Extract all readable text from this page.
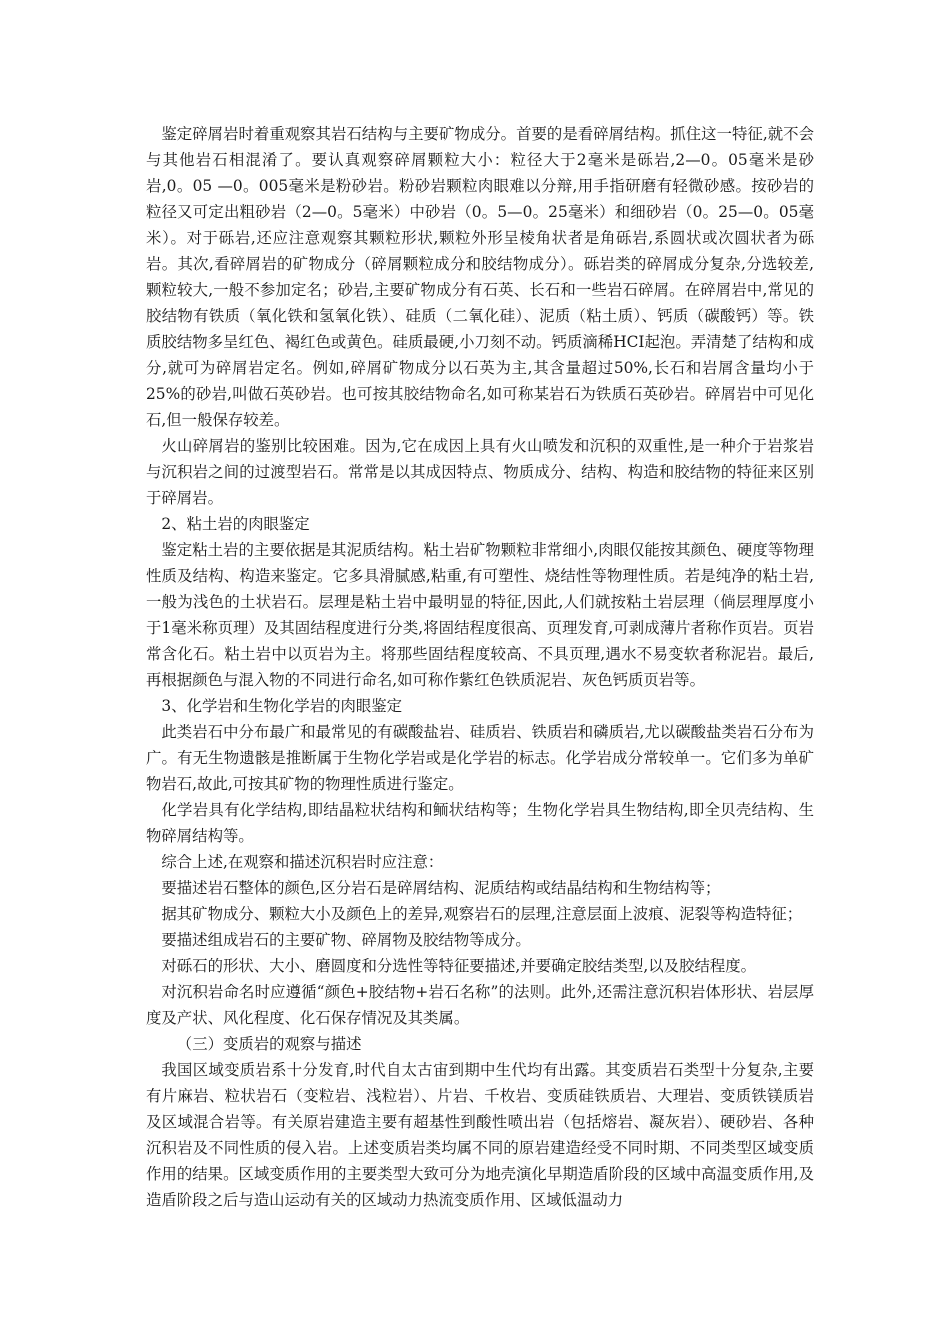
鉴定碎屑岩时着重观察其岩石结构与主要矿物成分。首要的是看碎屑结构。抓住这一特征,就不会与其他岩石相混淆了。要认真观察碎屑颗粒大小：粒径大于2毫米是砾岩,2—0。05毫米是砂岩,0。05 —0。005毫米是粉砂岩。粉砂岩颗粒肉眼难以分辩,用手指研磨有轻微砂感。按砂岩的粒径又可定出粗砂岩（2—0。5毫米）中砂岩（0。5—0。25毫米）和细砂岩（0。25—0。05毫米）。对于砾岩,还应注意观察其颗粒形状,颗粒外形呈棱角状者是角砾岩,系圆状或次圆状者为砾岩。其次,看碎屑岩的矿物成分（碎屑颗粒成分和胶结物成分）。砾岩类的碎屑成分复杂,分选较差,颗粒较大,一般不参加定名；砂岩,主要矿物成分有石英、长石和一些岩石碎屑。在碎屑岩中,常见的胶结物有铁质（氧化铁和氢氧化铁）、硅质（二氧化硅）、泥质（粘土质）、钙质（碳酸钙）等。铁质胶结物多呈红色、褐红色或黄色。硅质最硬,小刀刻不动。钙质滴稀HCI起泡。弄清楚了结构和成分,就可为碎屑岩定名。例如,碎屑矿物成分以石英为主,其含量超过50%,长石和岩屑含量均小于25%的砂岩,叫做石英砂岩。也可按其胶结物命名,如可称某岩石为铁质石英砂岩。碎屑岩中可见化石,但一般保存较差。

火山碎屑岩的鉴别比较困难。因为,它在成因上具有火山喷发和沉积的双重性,是一种介于岩浆岩与沉积岩之间的过渡型岩石。常常是以其成因特点、物质成分、结构、构造和胶结物的特征来区别于碎屑岩。

2、粘土岩的肉眼鉴定

鉴定粘土岩的主要依据是其泥质结构。粘土岩矿物颗粒非常细小,肉眼仅能按其颜色、硬度等物理性质及结构、构造来鉴定。它多具滑腻感,粘重,有可塑性、烧结性等物理性质。若是纯净的粘土岩,一般为浅色的土状岩石。层理是粘土岩中最明显的特征,因此,人们就按粘土岩层理（倘层理厚度小于1毫米称页理）及其固结程度进行分类,将固结程度很高、页理发育,可剥成薄片者称作页岩。页岩常含化石。粘土岩中以页岩为主。将那些固结程度较高、不具页理,遇水不易变软者称泥岩。最后,再根据颜色与混入物的不同进行命名,如可称作紫红色铁质泥岩、灰色钙质页岩等。

3、化学岩和生物化学岩的肉眼鉴定

此类岩石中分布最广和最常见的有碳酸盐岩、硅质岩、铁质岩和磷质岩,尤以碳酸盐类岩石分布为广。有无生物遗骸是推断属于生物化学岩或是化学岩的标志。化学岩成分常较单一。它们多为单矿物岩石,故此,可按其矿物的物理性质进行鉴定。

化学岩具有化学结构,即结晶粒状结构和鲕状结构等；生物化学岩具生物结构,即全贝壳结构、生物碎屑结构等。

综合上述,在观察和描述沉积岩时应注意：

要描述岩石整体的颜色,区分岩石是碎屑结构、泥质结构或结晶结构和生物结构等；

据其矿物成分、颗粒大小及颜色上的差异,观察岩石的层理,注意层面上波痕、泥裂等构造特征；

要描述组成岩石的主要矿物、碎屑物及胶结物等成分。

对砾石的形状、大小、磨圆度和分选性等特征要描述,并要确定胶结类型,以及胶结程度。

对沉积岩命名时应遵循“颜色+胶结物+岩石名称”的法则。此外,还需注意沉积岩体形状、岩层厚度及产状、风化程度、化石保存情况及其类属。

（三）变质岩的观察与描述

我国区域变质岩系十分发育,时代自太古宙到期中生代均有出露。其变质岩石类型十分复杂,主要有片麻岩、粒状岩石（变粒岩、浅粒岩）、片岩、千枚岩、变质硅铁质岩、大理岩、变质铁镁质岩及区域混合岩等。有关原岩建造主要有超基性到酸性喷出岩（包括熔岩、凝灰岩）、硬砂岩、各种沉积岩及不同性质的侵入岩。上述变质岩类均属不同的原岩建造经受不同时期、不同类型区域变质作用的结果。区域变质作用的主要类型大致可分为地壳演化早期造盾阶段的区域中高温变质作用,及造盾阶段之后与造山运动有关的区域动力热流变质作用、区域低温动力
